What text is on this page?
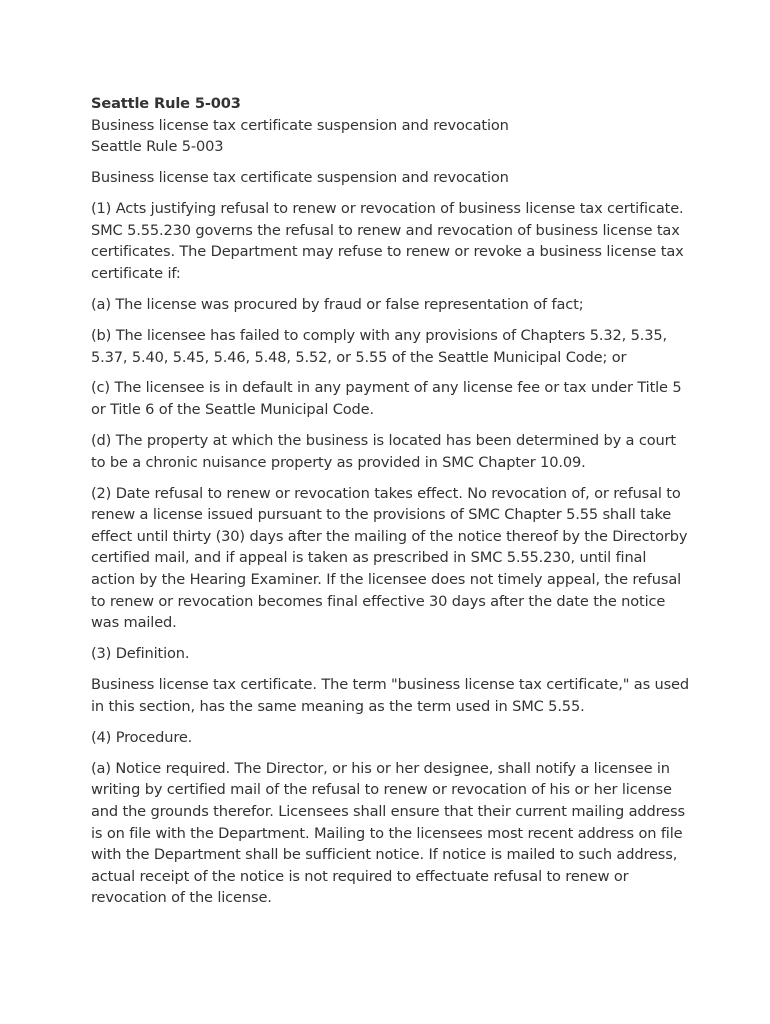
Seattle Rule 5-003

Business license tax certificate suspension and revocation

Seattle Rule 5-003

Business license tax certificate suspension and revocation

(1) Acts justifying refusal to renew or revocation of business license tax certificate. SMC 5.55.230 governs the refusal to renew and revocation of business license tax certificates. The Department may refuse to renew or revoke a business license tax certificate if:

(a) The license was procured by fraud or false representation of fact;

(b) The licensee has failed to comply with any provisions of Chapters 5.32, 5.35, 5.37, 5.40, 5.45, 5.46, 5.48, 5.52, or 5.55 of the Seattle Municipal Code; or

(c) The licensee is in default in any payment of any license fee or tax under Title 5 or Title 6 of the Seattle Municipal Code.

(d) The property at which the business is located has been determined by a court to be a chronic nuisance property as provided in SMC Chapter 10.09.

(2) Date refusal to renew or revocation takes effect. No revocation of, or refusal to renew a license issued pursuant to the provisions of SMC Chapter 5.55 shall take effect until thirty (30) days after the mailing of the notice thereof by the Directorby certified mail, and if appeal is taken as prescribed in SMC 5.55.230, until final action by the Hearing Examiner. If the licensee does not timely appeal, the refusal to renew or revocation becomes final effective 30 days after the date the notice was mailed.

(3) Definition.

Business license tax certificate. The term "business license tax certificate," as used in this section, has the same meaning as the term used in SMC 5.55.

(4) Procedure.

(a) Notice required. The Director, or his or her designee, shall notify a licensee in writing by certified mail of the refusal to renew or revocation of his or her license and the grounds therefor. Licensees shall ensure that their current mailing address is on file with the Department. Mailing to the licensees most recent address on file with the Department shall be sufficient notice. If notice is mailed to such address, actual receipt of the notice is not required to effectuate refusal to renew or revocation of the license.
